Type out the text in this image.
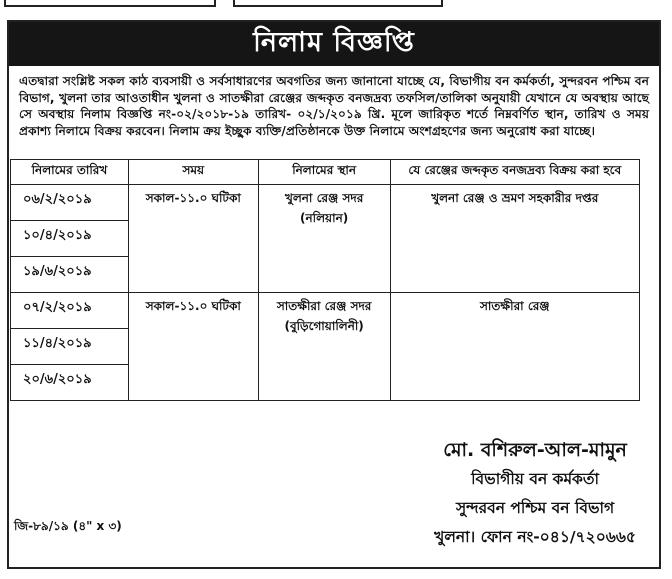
নিলাম বিজ্ঞপ্তি
এতদ্বারা সংশ্লিষ্ট সকল কাঠ ব্যবসায়ী ও সর্বসাধারণের অবগতির জন্য জানানো যাচ্ছে যে, বিভাগীয় বন কর্মকর্তা, সুন্দরবন পশ্চিম বন বিভাগ, খুলনা তার আওতাধীন খুলনা ও সাতক্ষীরা রেঞ্জের জব্দকৃত বনজদ্রব্য তফসিল/তালিকা অনুযায়ী যেখানে যে অবস্থায় আছে সে অবস্থায় নিলাম বিজ্ঞপ্তি নং-০২/২০১৮-১৯ তারিখ- ০২/১/২০১৯ খ্রি. মূলে জারিকৃত শর্তে নিম্নবর্ণিত স্থান, তারিখ ও সময় প্রকাশ্য নিলামে বিক্রয় করবেন। নিলাম ক্রয় ইচ্ছুক ব্যক্তি/প্রতিষ্ঠানকে উক্ত নিলামে অংশগ্রহণের জন্য অনুরোধ করা যাচ্ছে।
নিলামের তারিখ	সময়	নিলামের স্থান	যে রেঞ্জের জব্দকৃত বনজদ্রব্য বিক্রয় করা হবে
০৬/২/২০১৯	সকাল-১১.০ ঘটিকা	খুলনা রেঞ্জ সদর (নলিয়ান)	খুলনা রেঞ্জ ও ভ্রমণ সহকারীর দপ্তর
১০/৪/২০১৯			
১৯/৬/২০১৯			
০৭/২/২০১৯	সকাল-১১.০ ঘটিকা	সাতক্ষীরা রেঞ্জ সদর (বুড়িগোয়ালিনী)	সাতক্ষীরা রেঞ্জ
১১/৪/২০১৯			
২০/৬/২০১৯			
মো. বশিরুল-আল-মামুন
বিভাগীয় বন কর্মকর্তা
সুন্দরবন পশ্চিম বন বিভাগ
খুলনা। ফোন নং-০৪১/৭২০৬৬৫
জি-৮৯/১৯ (৪" x ৩)
